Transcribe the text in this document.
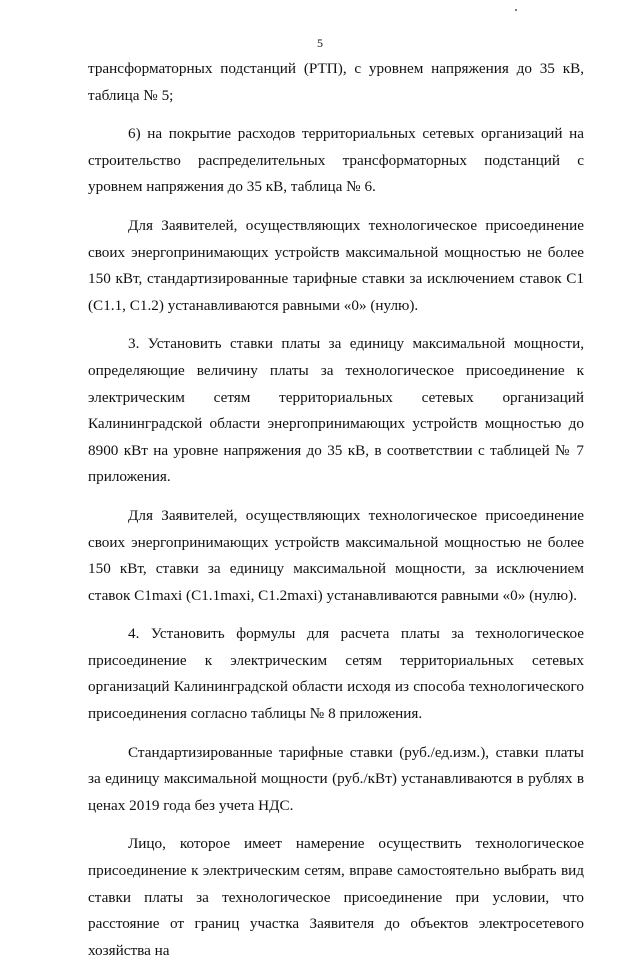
5

трансформаторных подстанций (РТП), с уровнем напряжения до 35 кВ, таблица № 5;

6) на покрытие расходов территориальных сетевых организаций на строительство распределительных трансформаторных подстанций с уровнем напряжения до 35 кВ, таблица № 6.

Для Заявителей, осуществляющих технологическое присоединение своих энергопринимающих устройств максимальной мощностью не более 150 кВт, стандартизированные тарифные ставки за исключением ставок С1 (С1.1, С1.2) устанавливаются равными «0» (нулю).

3. Установить ставки платы за единицу максимальной мощности, определяющие величину платы за технологическое присоединение к электрическим сетям территориальных сетевых организаций Калининградской области энергопринимающих устройств мощностью до 8900 кВт на уровне напряжения до 35 кВ, в соответствии с таблицей № 7 приложения.

Для Заявителей, осуществляющих технологическое присоединение своих энергопринимающих устройств максимальной мощностью не более 150 кВт, ставки за единицу максимальной мощности, за исключением ставок C1maxi (C1.1maxi, C1.2maxi) устанавливаются равными «0» (нулю).

4. Установить формулы для расчета платы за технологическое присоединение к электрическим сетям территориальных сетевых организаций Калининградской области исходя из способа технологического присоединения согласно таблицы № 8 приложения.

Стандартизированные тарифные ставки (руб./ед.изм.), ставки платы за единицу максимальной мощности (руб./кВт) устанавливаются в рублях в ценах 2019 года без учета НДС.

Лицо, которое имеет намерение осуществить технологическое присоединение к электрическим сетям, вправе самостоятельно выбрать вид ставки платы за технологическое присоединение при условии, что расстояние от границ участка Заявителя до объектов электросетевого хозяйства на
